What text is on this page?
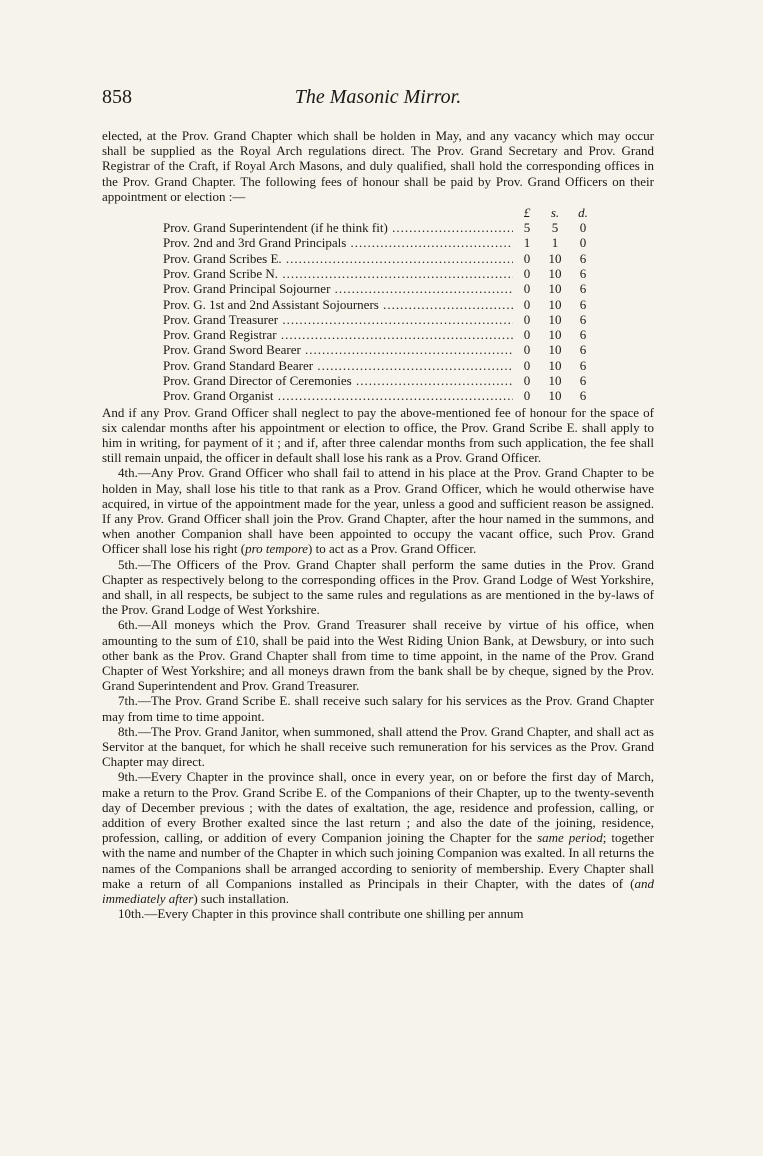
858	The Masonic Mirror.

elected, at the Prov. Grand Chapter which shall be holden in May, and any vacancy which may occur shall be supplied as the Royal Arch regulations direct. The Prov. Grand Secretary and Prov. Grand Registrar of the Craft, if Royal Arch Masons, and duly qualified, shall hold the corresponding offices in the Prov. Grand Chapter. The following fees of honour shall be paid by Prov. Grand Officers on their appointment or election :—

	£	s.	d.

Prov. Grand Superintendent (if he think fit) .....	5	5	0

Prov. 2nd and 3rd Grand Principals .....	1	1	0

Prov. Grand Scribes E. .....	0	10	6

Prov. Grand Scribe N. .....	0	10	6

Prov. Grand Principal Sojourner .....	0	10	6

Prov. G. 1st and 2nd Assistant Sojourners .....	0	10	6

Prov. Grand Treasurer .....	0	10	6

Prov. Grand Registrar .....	0	10	6

Prov. Grand Sword Bearer .....	0	10	6

Prov. Grand Standard Bearer .....	0	10	6

Prov. Grand Director of Ceremonies .....	0	10	6

Prov. Grand Organist .....	0	10	6

And if any Prov. Grand Officer shall neglect to pay the above-mentioned fee of honour for the space of six calendar months after his appointment or election to office, the Prov. Grand Scribe E. shall apply to him in writing, for payment of it ; and if, after three calendar months from such application, the fee shall still remain unpaid, the officer in default shall lose his rank as a Prov. Grand Officer.

4th.—Any Prov. Grand Officer who shall fail to attend in his place at the Prov. Grand Chapter to be holden in May, shall lose his title to that rank as a Prov. Grand Officer, which he would otherwise have acquired, in virtue of the appointment made for the year, unless a good and sufficient reason be assigned. If any Prov. Grand Officer shall join the Prov. Grand Chapter, after the hour named in the summons, and when another Companion shall have been appointed to occupy the vacant office, such Prov. Grand Officer shall lose his right (pro tempore) to act as a Prov. Grand Officer.

5th.—The Officers of the Prov. Grand Chapter shall perform the same duties in the Prov. Grand Chapter as respectively belong to the corresponding offices in the Prov. Grand Lodge of West Yorkshire, and shall, in all respects, be subject to the same rules and regulations as are mentioned in the by-laws of the Prov. Grand Lodge of West Yorkshire.

6th.—All moneys which the Prov. Grand Treasurer shall receive by virtue of his office, when amounting to the sum of £10, shall be paid into the West Riding Union Bank, at Dewsbury, or into such other bank as the Prov. Grand Chapter shall from time to time appoint, in the name of the Prov. Grand Chapter of West Yorkshire; and all moneys drawn from the bank shall be by cheque, signed by the Prov. Grand Superintendent and Prov. Grand Treasurer.

7th.—The Prov. Grand Scribe E. shall receive such salary for his services as the Prov. Grand Chapter may from time to time appoint.

8th.—The Prov. Grand Janitor, when summoned, shall attend the Prov. Grand Chapter, and shall act as Servitor at the banquet, for which he shall receive such remuneration for his services as the Prov. Grand Chapter may direct.

9th.—Every Chapter in the province shall, once in every year, on or before the first day of March, make a return to the Prov. Grand Scribe E. of the Companions of their Chapter, up to the twenty-seventh day of December previous ; with the dates of exaltation, the age, residence and profession, calling, or addition of every Brother exalted since the last return ; and also the date of the joining, residence, profession, calling, or addition of every Companion joining the Chapter for the same period; together with the name and number of the Chapter in which such joining Companion was exalted. In all returns the names of the Companions shall be arranged according to seniority of membership. Every Chapter shall make a return of all Companions installed as Principals in their Chapter, with the dates of (and immediately after) such installation.

10th.—Every Chapter in this province shall contribute one shilling per annum
